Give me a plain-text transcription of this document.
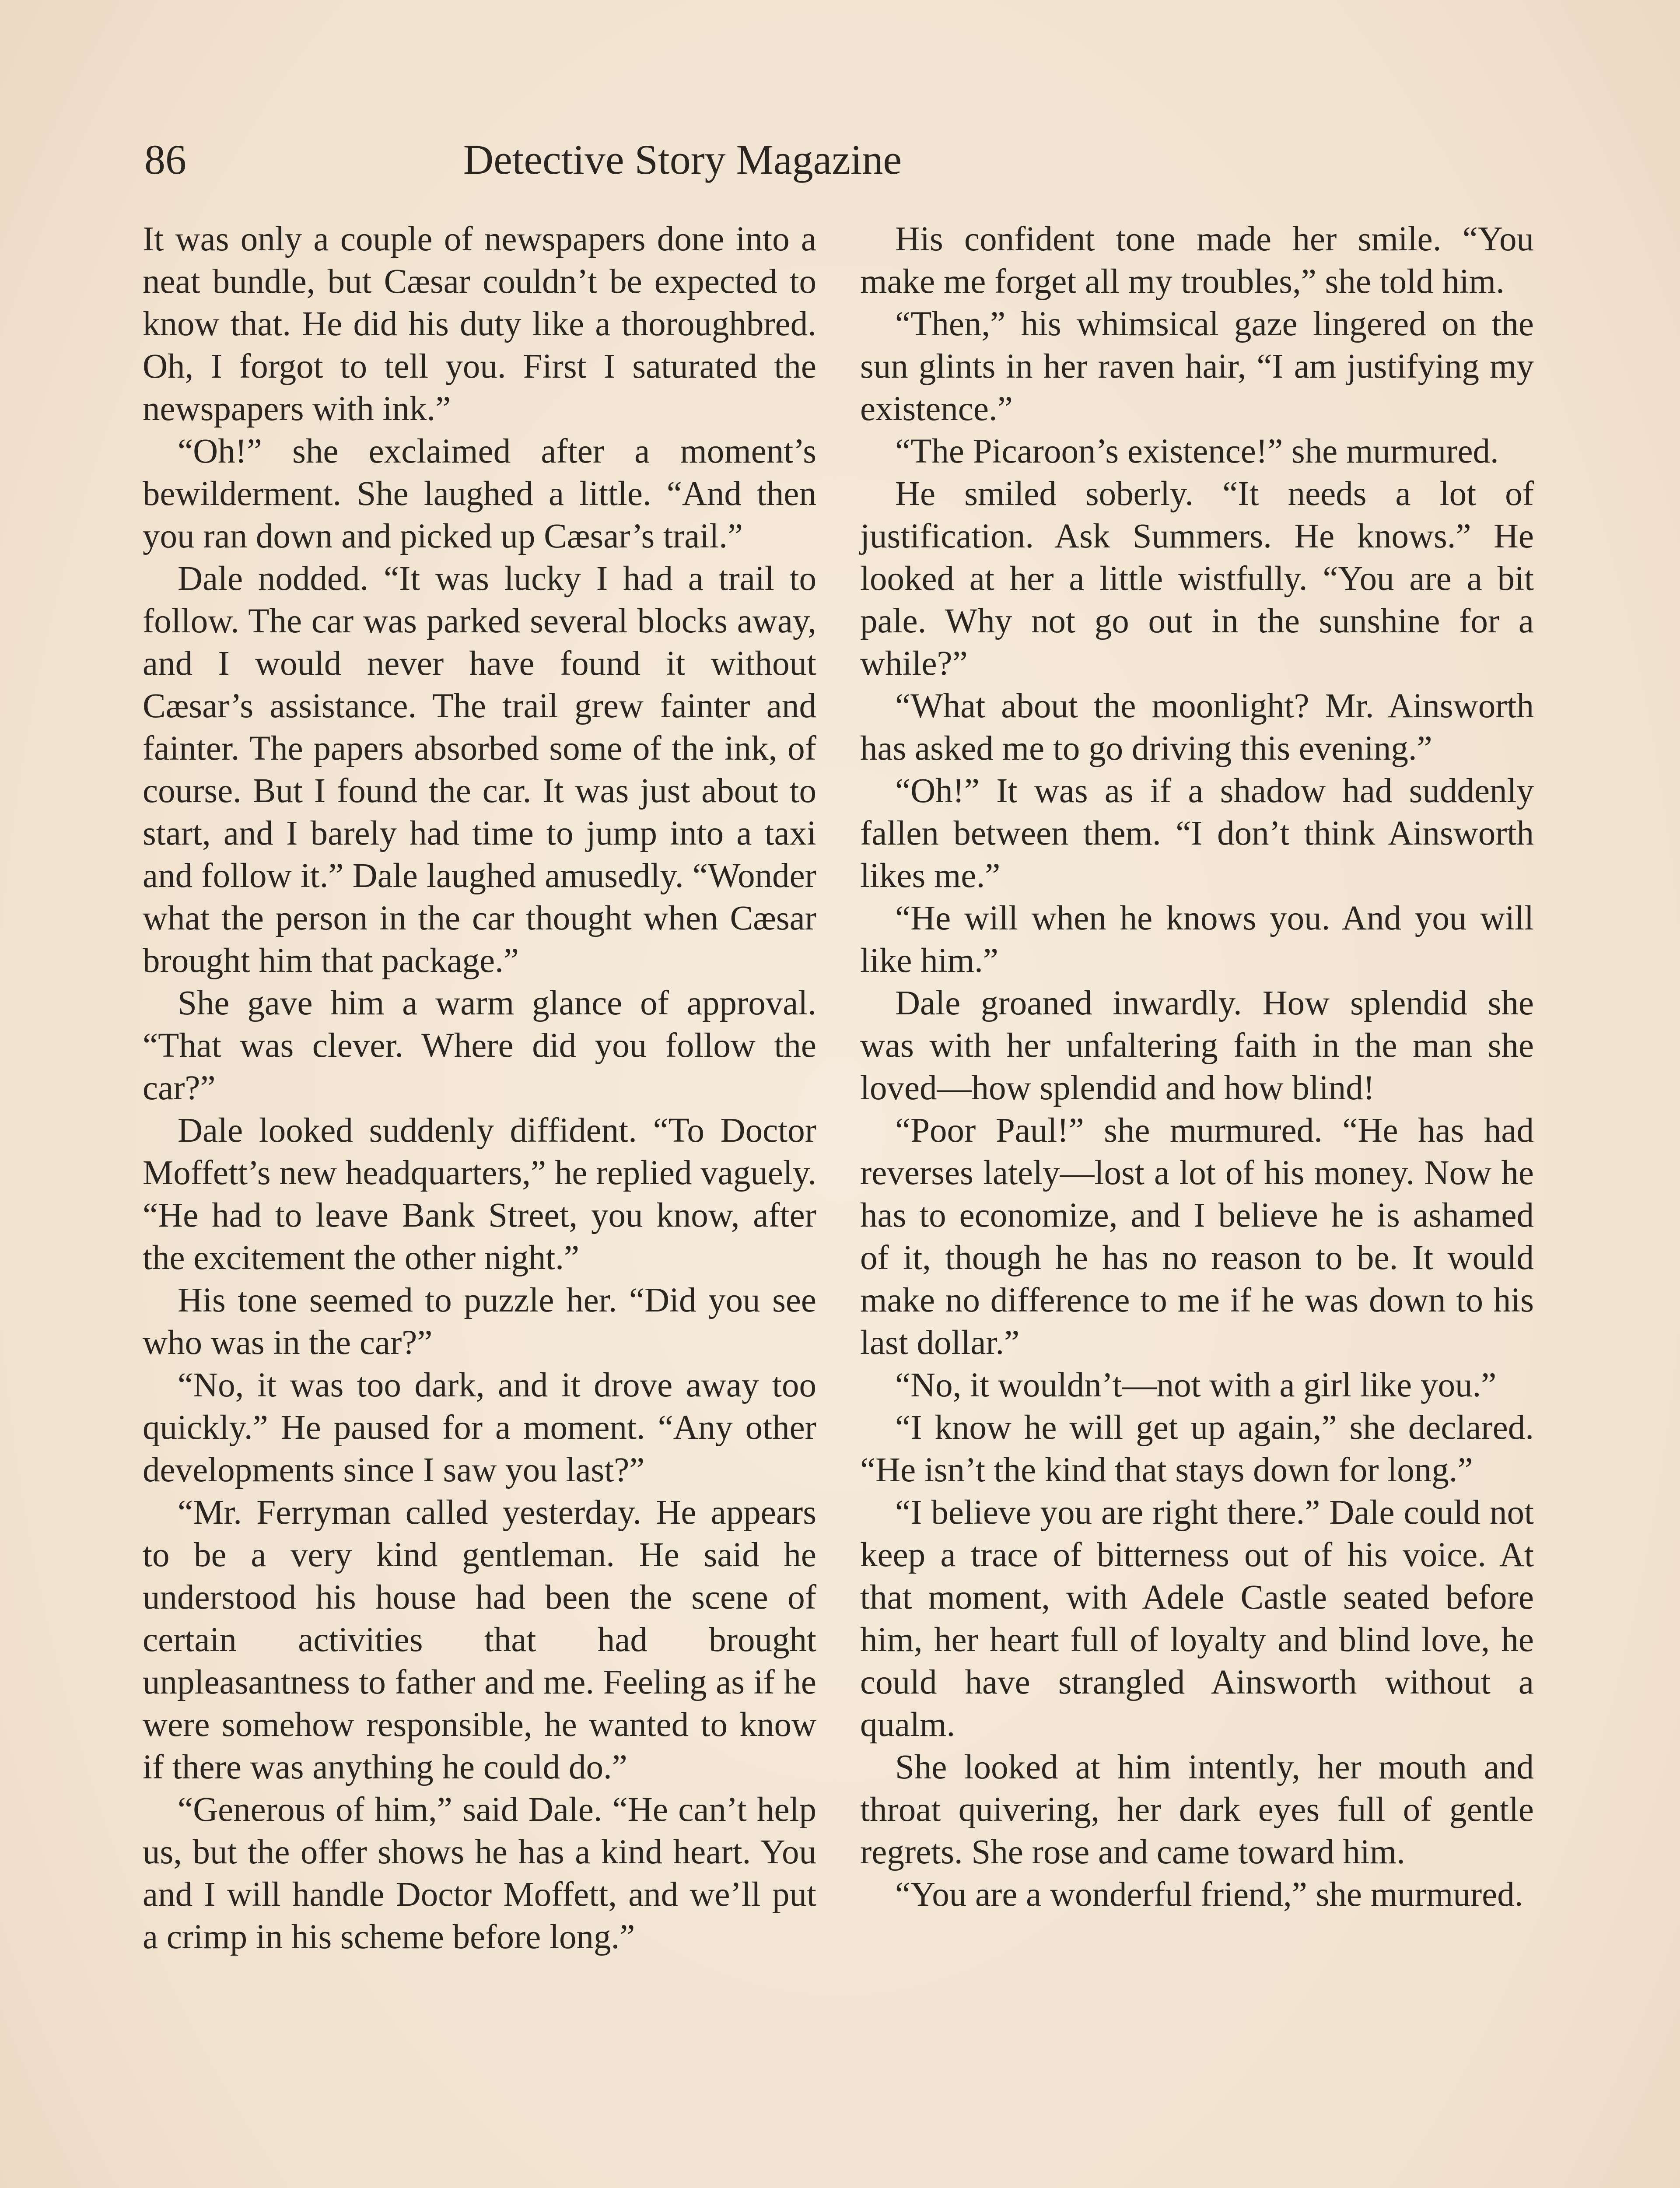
86	Detective Story Magazine

It was only a couple of newspapers done into a neat bundle, but Cæsar couldn’t be expected to know that. He did his duty like a thoroughbred. Oh, I forgot to tell you. First I saturated the newspapers with ink.”

“Oh!” she exclaimed after a moment’s bewilderment. She laughed a little. “And then you ran down and picked up Cæsar’s trail.”

Dale nodded. “It was lucky I had a trail to follow. The car was parked several blocks away, and I would never have found it without Cæsar’s assistance. The trail grew fainter and fainter. The papers absorbed some of the ink, of course. But I found the car. It was just about to start, and I barely had time to jump into a taxi and follow it.” Dale laughed amusedly. “Wonder what the person in the car thought when Cæsar brought him that package.”

She gave him a warm glance of approval. “That was clever. Where did you follow the car?”

Dale looked suddenly diffident. “To Doctor Moffett’s new headquarters,” he replied vaguely. “He had to leave Bank Street, you know, after the excitement the other night.”

His tone seemed to puzzle her. “Did you see who was in the car?”

“No, it was too dark, and it drove away too quickly.” He paused for a moment. “Any other developments since I saw you last?”

“Mr. Ferryman called yesterday. He appears to be a very kind gentleman. He said he understood his house had been the scene of certain activities that had brought unpleasantness to father and me. Feeling as if he were somehow responsible, he wanted to know if there was anything he could do.”

“Generous of him,” said Dale. “He can’t help us, but the offer shows he has a kind heart. You and I will handle Doctor Moffett, and we’ll put a crimp in his scheme before long.”

His confident tone made her smile. “You make me forget all my troubles,” she told him.

“Then,” his whimsical gaze lingered on the sun glints in her raven hair, “I am justifying my existence.”

“The Picaroon’s existence!” she murmured.

He smiled soberly. “It needs a lot of justification. Ask Summers. He knows.” He looked at her a little wistfully. “You are a bit pale. Why not go out in the sunshine for a while?”

“What about the moonlight? Mr. Ainsworth has asked me to go driving this evening.”

“Oh!” It was as if a shadow had suddenly fallen between them. “I don’t think Ainsworth likes me.”

“He will when he knows you. And you will like him.”

Dale groaned inwardly. How splendid she was with her unfaltering faith in the man she loved—how splendid and how blind!

“Poor Paul!” she murmured. “He has had reverses lately—lost a lot of his money. Now he has to economize, and I believe he is ashamed of it, though he has no reason to be. It would make no difference to me if he was down to his last dollar.”

“No, it wouldn’t—not with a girl like you.”

“I know he will get up again,” she declared. “He isn’t the kind that stays down for long.”

“I believe you are right there.” Dale could not keep a trace of bitterness out of his voice. At that moment, with Adele Castle seated before him, her heart full of loyalty and blind love, he could have strangled Ainsworth without a qualm.

She looked at him intently, her mouth and throat quivering, her dark eyes full of gentle regrets. She rose and came toward him.

“You are a wonderful friend,” she murmured.
